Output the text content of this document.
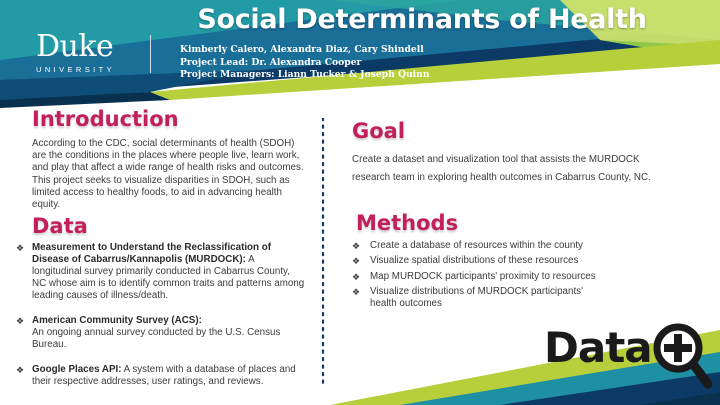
Social Determinants of Health
Duke
UNIVERSITY
Kimberly Calero, Alexandra Diaz, Cary Shindell
Project Lead: Dr. Alexandra Cooper
Project Managers: Liann Tucker & Joseph Quinn
Introduction

According to the CDC, social determinants of health (SDOH) are the conditions in the places where people live, learn work, and play that affect a wide range of health risks and outcomes. This project seeks to visualize disparities in SDOH, such as limited access to healthy foods, to aid in advancing health equity.

Goal

Create a dataset and visualization tool that assists the MURDOCK research team in exploring health outcomes in Cabarrus County, NC.

Data
❖ Measurement to Understand the Reclassification of Disease of Cabarrus/Kannapolis (MURDOCK): A longitudinal survey primarily conducted in Cabarrus County, NC whose aim is to identify common traits and patterns among leading causes of illness/death.
❖ American Community Survey (ACS):
An ongoing annual survey conducted by the U.S. Census Bureau.
❖ Google Places API: A system with a database of places and their respective addresses, user ratings, and reviews.
Methods
❖ Create a database of resources within the county
❖ Visualize spatial distributions of these resources
❖ Map MURDOCK participants' proximity to resources
❖ Visualize distributions of MURDOCK participants' health outcomes
Data
